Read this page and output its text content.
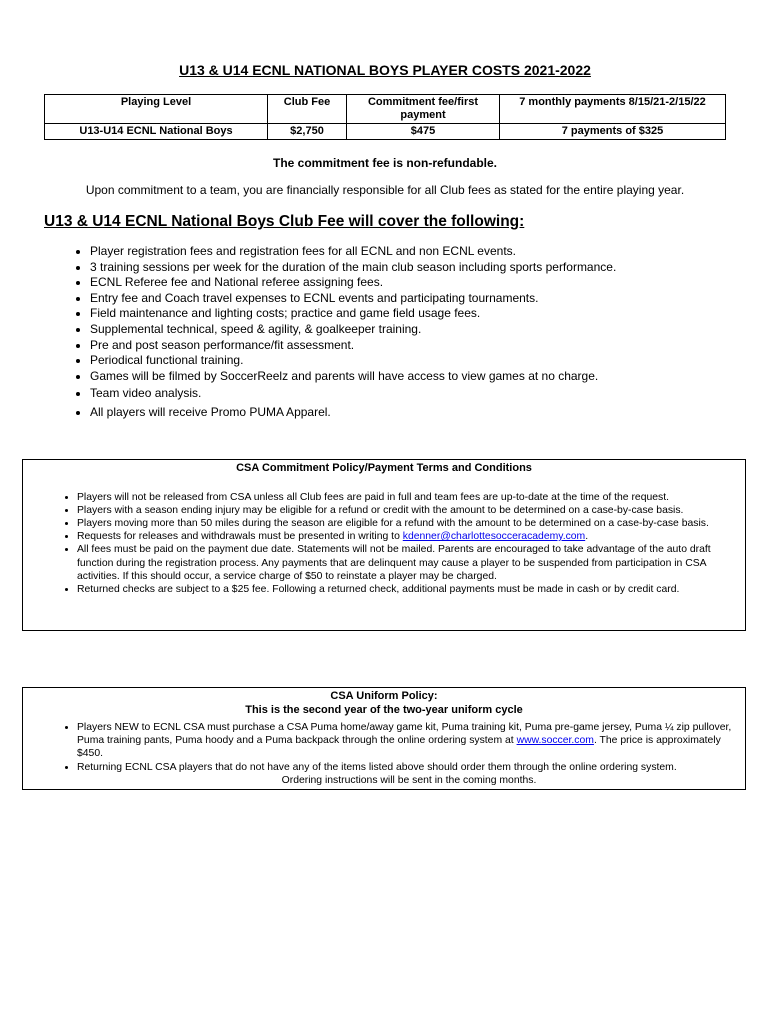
U13 & U14 ECNL NATIONAL BOYS PLAYER COSTS 2021-2022
Playing Level	Club Fee	Commitment fee/first payment	7 monthly payments 8/15/21-2/15/22
U13-U14 ECNL National Boys	$2,750	$475	7 payments of $325
The commitment fee is non-refundable.
Upon commitment to a team, you are financially responsible for all Club fees as stated for the entire playing year.
U13 & U14 ECNL National Boys Club Fee will cover the following:
• Player registration fees and registration fees for all ECNL and non ECNL events.
• 3 training sessions per week for the duration of the main club season including sports performance.
• ECNL Referee fee and National referee assigning fees.
• Entry fee and Coach travel expenses to ECNL events and participating tournaments.
• Field maintenance and lighting costs; practice and game field usage fees.
• Supplemental technical, speed & agility, & goalkeeper training.
• Pre and post season performance/fit assessment.
• Periodical functional training.
• Games will be filmed by SoccerReelz and parents will have access to view games at no charge.
• Team video analysis.
• All players will receive Promo PUMA Apparel.
CSA Commitment Policy/Payment Terms and Conditions
• Players will not be released from CSA unless all Club fees are paid in full and team fees are up-to-date at the time of the request.
• Players with a season ending injury may be eligible for a refund or credit with the amount to be determined on a case-by-case basis.
• Players moving more than 50 miles during the season are eligible for a refund with the amount to be determined on a case-by-case basis.
• Requests for releases and withdrawals must be presented in writing to kdenner@charlottesocceracademy.com.
• All fees must be paid on the payment due date. Statements will not be mailed. Parents are encouraged to take advantage of the auto draft function during the registration process. Any payments that are delinquent may cause a player to be suspended from participation in CSA activities. If this should occur, a service charge of $50 to reinstate a player may be charged.
• Returned checks are subject to a $25 fee. Following a returned check, additional payments must be made in cash or by credit card.
CSA Uniform Policy:
This is the second year of the two-year uniform cycle
• Players NEW to ECNL CSA must purchase a CSA Puma home/away game kit, Puma training kit, Puma pre-game jersey, Puma ¼ zip pullover, Puma training pants, Puma hoody and a Puma backpack through the online ordering system at www.soccer.com. The price is approximately $450.
• Returning ECNL CSA players that do not have any of the items listed above should order them through the online ordering system.
Ordering instructions will be sent in the coming months.
